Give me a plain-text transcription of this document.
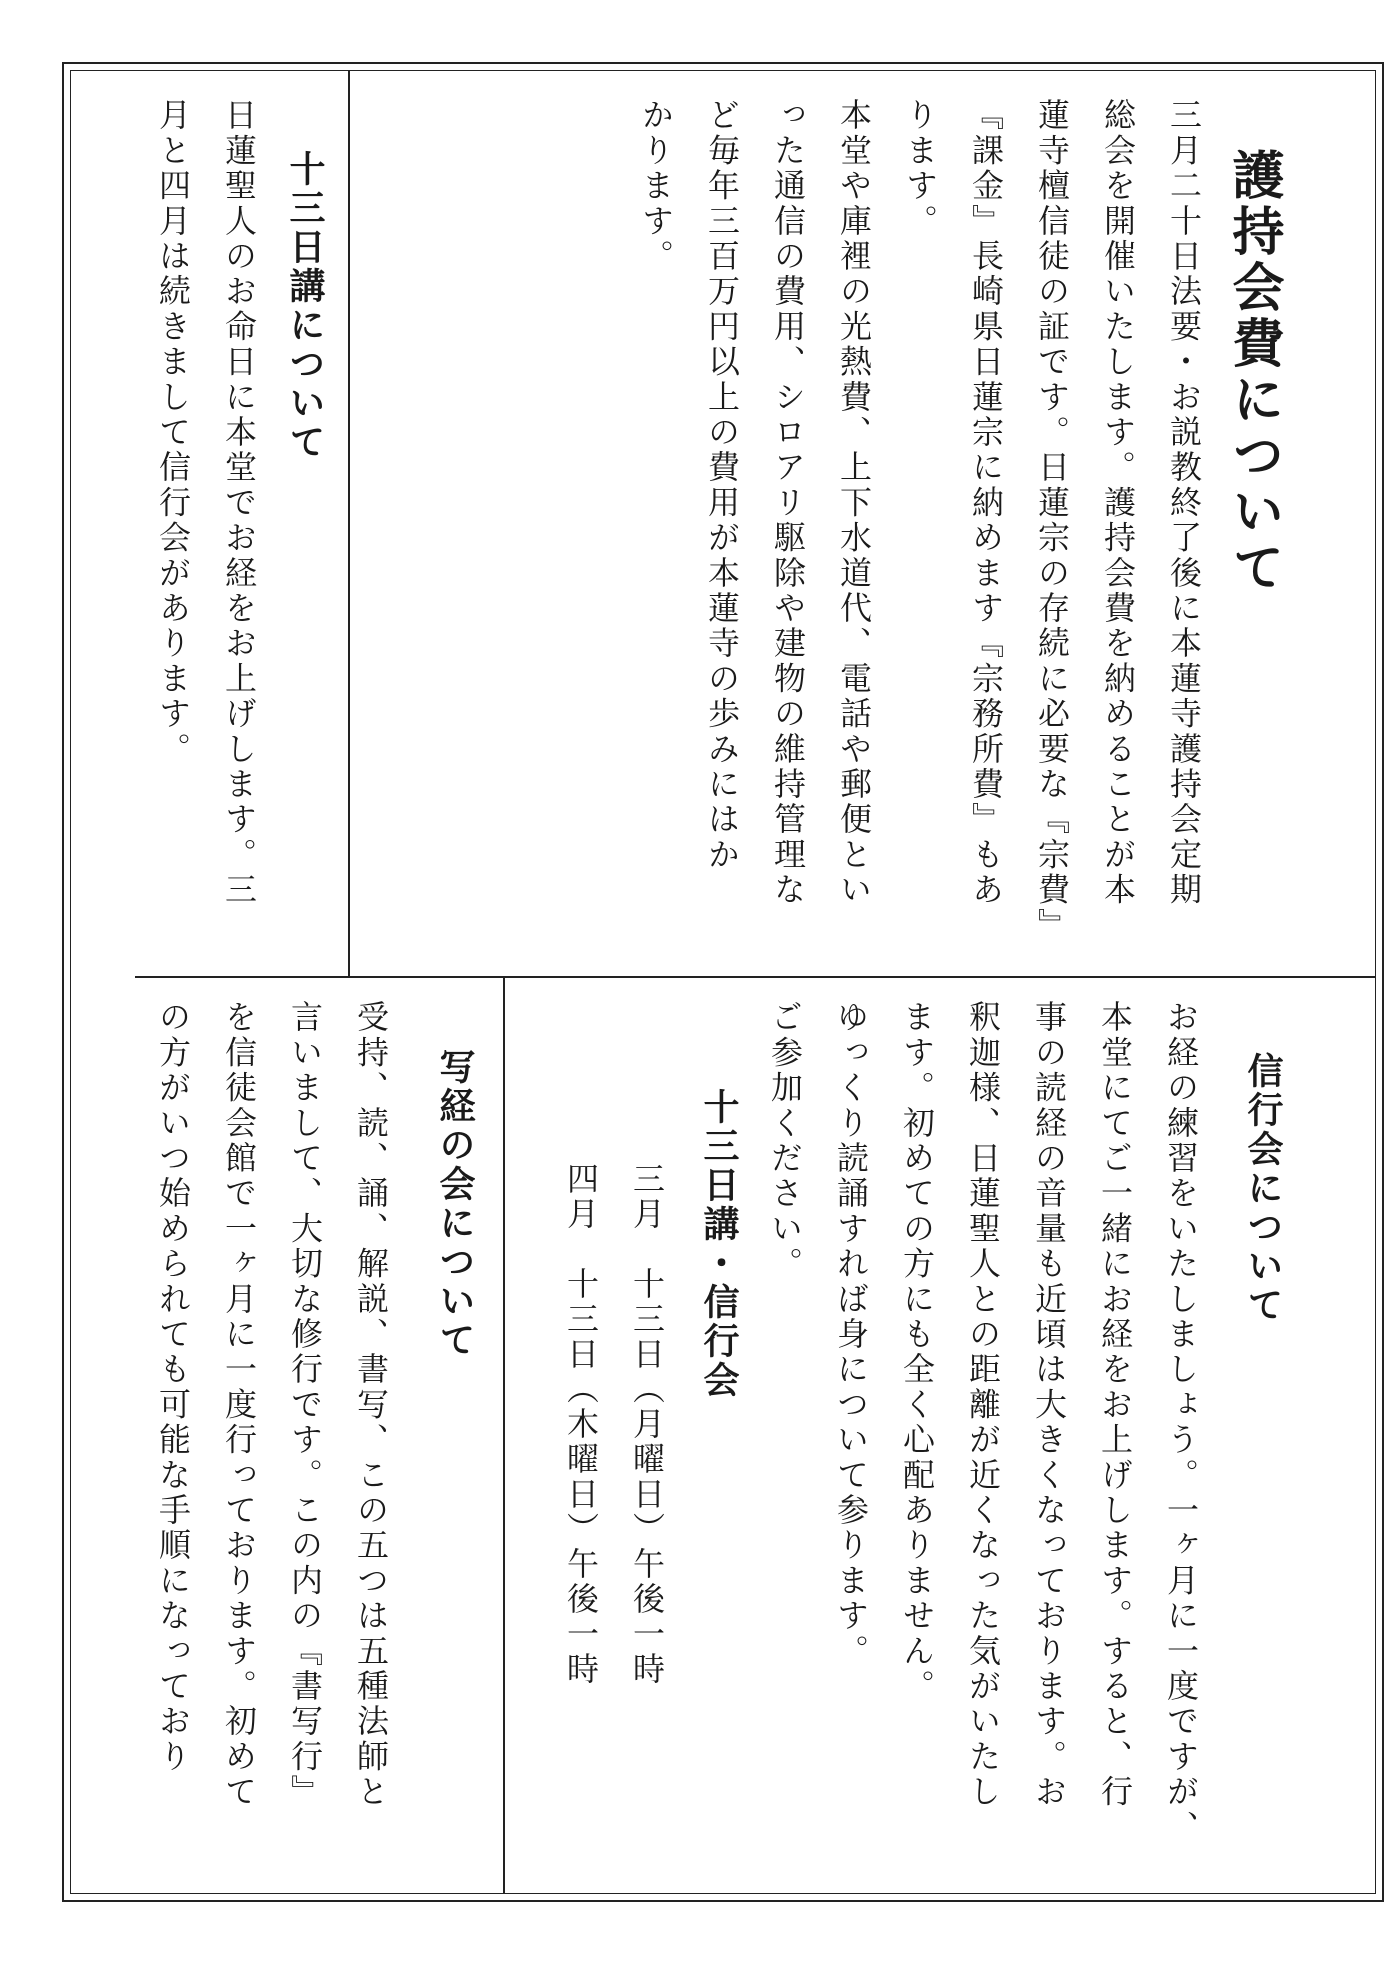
護持会費について

三月二十日法要・お説教終了後に本蓮寺護持会定期
総会を開催いたします。護持会費を納めることが本
蓮寺檀信徒の証です。日蓮宗の存続に必要な『宗費』
『課金』長崎県日蓮宗に納めます『宗務所費』もあ
ります。
本堂や庫裡の光熱費、上下水道代、電話や郵便とい
った通信の費用、シロアリ駆除や建物の維持管理な
ど毎年三百万円以上の費用が本蓮寺の歩みにはか
かります。

十三日講について

日蓮聖人のお命日に本堂でお経をお上げします。三
月と四月は続きまして信行会があります。

信行会について

お経の練習をいたしましょう。一ヶ月に一度ですが、
本堂にてご一緒にお経をお上げします。すると、行
事の読経の音量も近頃は大きくなっております。お
釈迦様、日蓮聖人との距離が近くなった気がいたし
ます。初めての方にも全く心配ありません。
ゆっくり読誦すれば身について参ります。
ご参加ください。

十三日講・信行会

三月　十三日（月曜日）午後一時
四月　十三日（木曜日）午後一時

写経の会について

受持、読、誦、解説、書写、この五つは五種法師と
言いまして、大切な修行です。この内の『書写行』
を信徒会館で一ヶ月に一度行っております。初めて
の方がいつ始められても可能な手順になっており
